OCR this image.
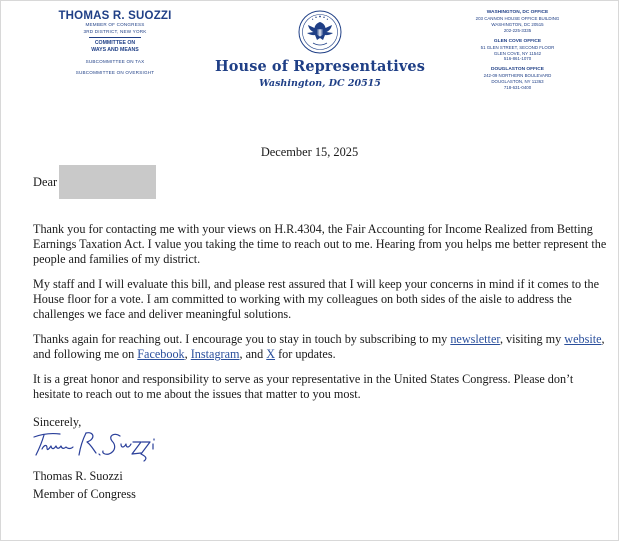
THOMAS R. SUOZZI
MEMBER OF CONGRESS
3RD DISTRICT, NEW YORK
COMMITTEE ON
WAYS AND MEANS
SUBCOMMITTEE ON TAX
SUBCOMMITTEE ON OVERSIGHT	House of Representatives
Washington, DC 20515
WASHINGTON, DC OFFICE
203 CANNON HOUSE OFFICE BUILDING
WASHINGTON, DC 20515
202-225-3335
GLEN COVE OFFICE
51 GLEN STREET, SECOND FLOOR
GLEN COVE, NY 11542
516-861-1070
DOUGLASTON OFFICE
242-09 NORTHERN BOULEVARD
DOUGLASTON, NY 11363
718-631-0400
December 15, 2025
Dear
Thank you for contacting me with your views on H.R.4304, the Fair Accounting for Income Realized from Betting Earnings Taxation Act. I value you taking the time to reach out to me. Hearing from you helps me better represent the people and families of my district.
My staff and I will evaluate this bill, and please rest assured that I will keep your concerns in mind if it comes to the House floor for a vote. I am committed to working with my colleagues on both sides of the aisle to address the challenges we face and deliver meaningful solutions.
Thanks again for reaching out. I encourage you to stay in touch by subscribing to my newsletter, visiting my website, and following me on Facebook, Instagram, and X for updates.
It is a great honor and responsibility to serve as your representative in the United States Congress. Please don’t hesitate to reach out to me about the issues that matter to you most.
Sincerely,
Thomas R. Suozzi
Member of Congress
